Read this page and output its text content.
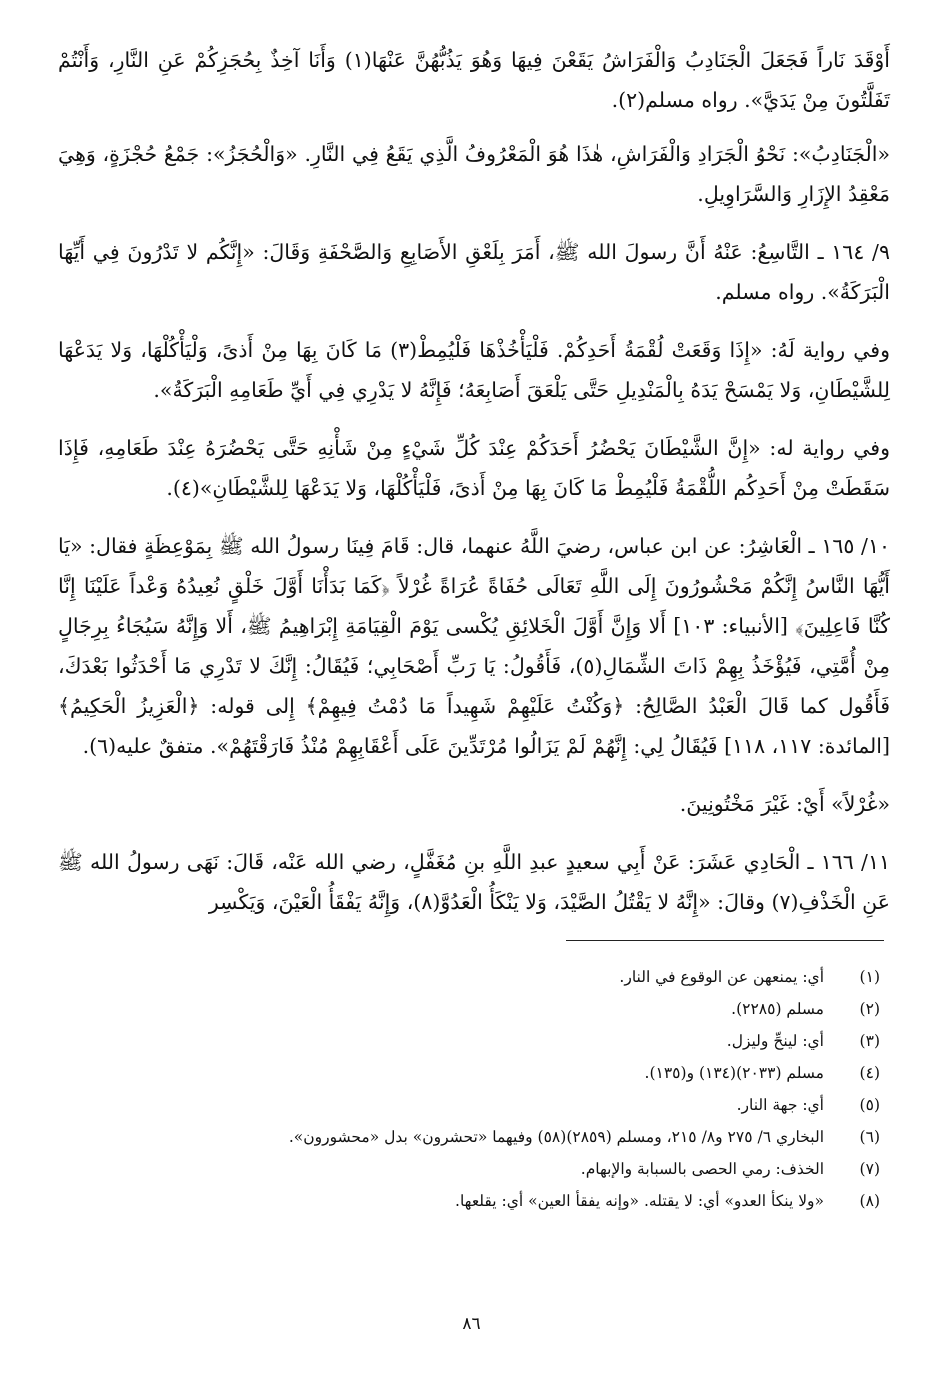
أَوْقَدَ نَاراً فَجَعَلَ الْجَنَادِبُ وَالْفَرَاشُ يَقَعْنَ فِيهَا وَهُوَ يَذُبُّهُنَّ عَنْهَا(١) وَأَنَا آخِذٌ بِحُجَزِكُمْ عَنِ النَّارِ، وَأَنْتُمْ تَفَلَّتُونَ مِنْ يَدَيَّ». رواه مسلم(٢).

«الْجَنَادِبُ»: نَحْوُ الْجَرَادِ وَالْفَرَاشِ، هٰذَا هُوَ الْمَعْرُوفُ الَّذِي يَقَعُ فِي النَّارِ. «وَالْحُجَزُ»: جَمْعُ حُجْزَةٍ، وَهِيَ مَعْقِدُ الإِزَارِ وَالسَّرَاوِيلِ.

٩/ ١٦٤ ـ التَّاسِعُ: عَنْهُ أَنَّ رسولَ الله ﷺ، أَمَرَ بِلَعْقِ الأَصَابِعِ وَالصَّحْفَةِ وَقَالَ: «إِنَّكُم لا تَدْرُونَ فِي أَيِّهَا الْبَرَكَةُ». رواه مسلم.

وفي رواية لَهُ: «إِذَا وَقَعَتْ لُقْمَةُ أَحَدِكُمْ. فَلْيَأْخُذْهَا فَلْيُمِطْ(٣) مَا كَانَ بِهَا مِنْ أَذىً، وَلْيَأْكُلْهَا، وَلا يَدَعْهَا لِلشَّيْطَانِ، وَلا يَمْسَحْ يَدَهُ بِالْمَنْدِيلِ حَتَّى يَلْعَقَ أَصَابِعَهُ؛ فَإِنَّهُ لا يَدْرِي فِي أَيِّ طَعَامِهِ الْبَرَكَةُ».

وفي رواية له: «إِنَّ الشَّيْطَانَ يَحْضُرُ أَحَدَكُمْ عِنْدَ كُلِّ شَيْءٍ مِنْ شَأْنِهِ حَتَّى يَحْضُرَهُ عِنْدَ طَعَامِهِ، فَإِذَا سَقَطَتْ مِنْ أَحَدِكُم اللُّقْمَةُ فَلْيُمِطْ مَا كَانَ بِهَا مِنْ أَذىً، فَلْيَأْكُلْهَا، وَلا يَدَعْهَا لِلشَّيْطَانِ»(٤).

١٠/ ١٦٥ ـ الْعَاشِرُ: عن ابن عباس، رضيَ اللَّهُ عنهما، قال: قَامَ فِينَا رسولُ الله ﷺ بِمَوْعِظَةٍ فقال: «يَا أَيُّهَا النَّاسُ إِنَّكُمْ مَحْشُورُونَ إِلَى اللَّهِ تَعَالَى حُفَاةً عُرَاةً غُرْلاً ﴿كَمَا بَدَأْنَا أَوَّلَ خَلْقٍ نُعِيدُهُ وَعْداً عَلَيْنَا إِنَّا كُنَّا فَاعِلِينَ﴾ [الأنبياء: ١٠٣] أَلا وَإِنَّ أَوَّلَ الْخَلائِقِ يُكْسى يَوْمَ الْقِيَامَةِ إِبْرَاهِيمُ ﷺ، أَلا وَإِنَّهُ سَيُجَاءُ بِرِجَالٍ مِنْ أُمَّتِي، فَيُؤْخَذُ بِهِمْ ذَاتَ الشِّمَالِ(٥)، فَأَقُولُ: يَا رَبِّ أَصْحَابِي؛ فَيُقَالُ: إِنَّكَ لا تَدْرِي مَا أَحْدَثُوا بَعْدَكَ، فَأَقُول كما قَالَ الْعَبْدُ الصَّالِحُ: ﴿وَكُنْتُ عَلَيْهِمْ شَهِيداً مَا دُمْتُ فِيهِمْ﴾ إِلى قوله: ﴿الْعَزِيزُ الْحَكِيمُ﴾ [المائدة: ١١٧، ١١٨] فَيُقَالُ لِي: إِنَّهُمْ لَمْ يَزَالُوا مُرْتَدِّينَ عَلَى أَعْقَابِهِمْ مُنْذُ فَارَقْتَهُمْ». متفقٌ عليه(٦).

«غُرْلاً» أَيْ: غَيْرَ مَخْتُونِينَ.

١١/ ١٦٦ ـ الْحَادِي عَشَرَ: عَنْ أَبِي سعيدٍ عبدِ اللَّهِ بنِ مُغَفَّلٍ، رضي الله عَنْه، قَالَ: نَهَى رسولُ الله ﷺ عَنِ الْخَذْفِ(٧) وقالَ: «إِنَّهُ لا يَقْتُلُ الصَّيْدَ، وَلا يَنْكَأُ الْعَدُوَّ(٨)، وَإِنَّهُ يَفْقَأُ الْعَيْنَ، وَيَكْسِر

(١)
أي: يمنعهن عن الوقوع في النار.
(٢)
مسلم (٢٢٨٥).
(٣)
أي: لينحِّ وليزل.
(٤)
مسلم (٢٠٣٣)(١٣٤) و(١٣٥).
(٥)
أي: جهة النار.
(٦)
البخاري ٦/ ٢٧٥ و٨/ ٢١٥، ومسلم (٢٨٥٩)(٥٨) وفيهما «تحشرون» بدل «محشورون».
(٧)
الخذف: رمي الحصى بالسبابة والإبهام.
(٨)
«ولا ينكأ العدو» أي: لا يقتله. «وإنه يفقأ العين» أي: يقلعها.
٨٦
